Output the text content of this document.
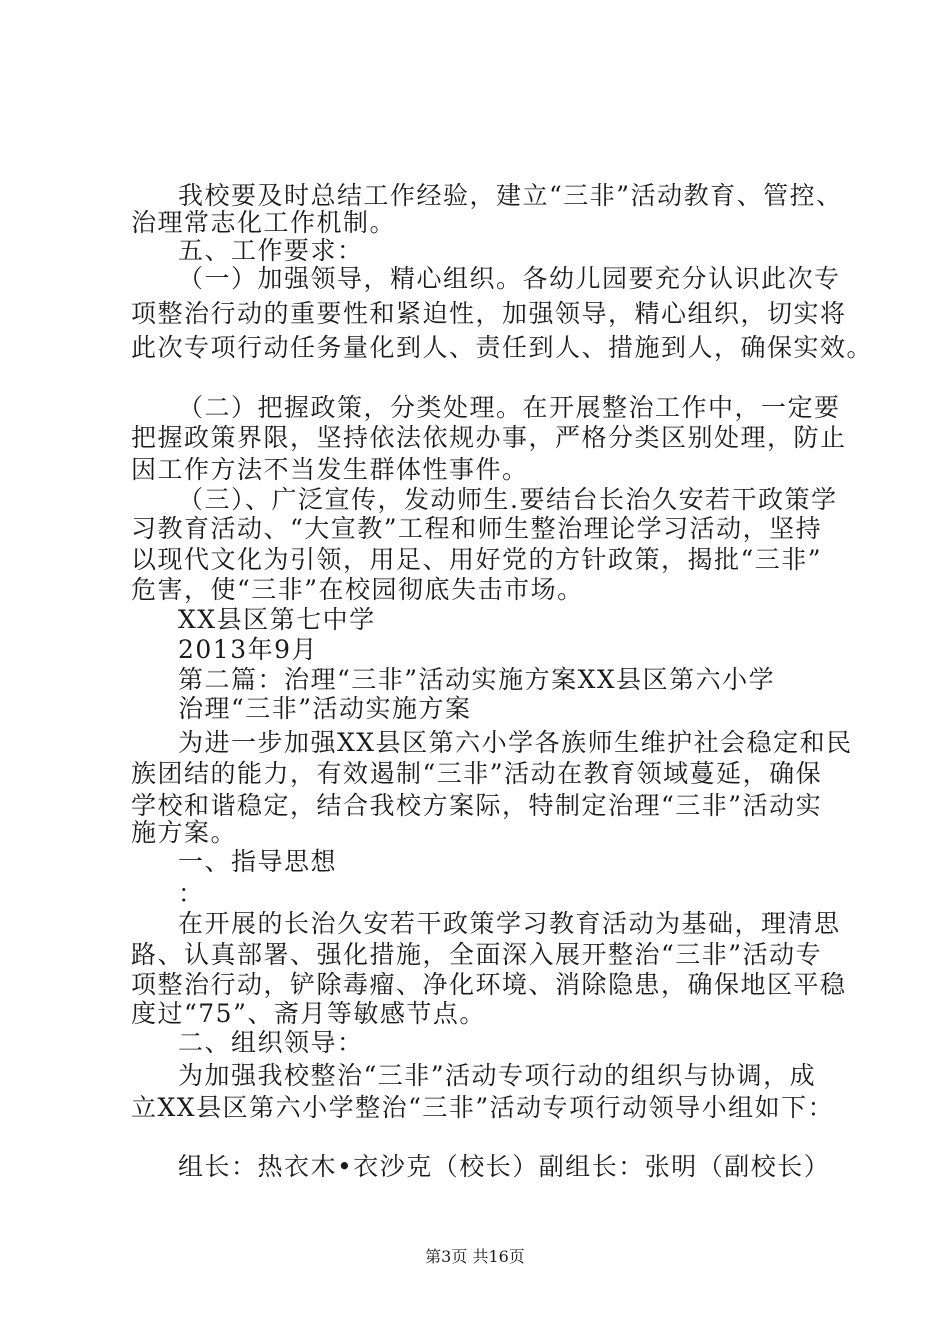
我校要及时总结工作经验，建立“三非”活动教育、管控、
治理常志化工作机制。
五、工作要求：
（一）加强领导，精心组织。各幼儿园要充分认识此次专
项整治行动的重要性和紧迫性，加强领导，精心组织，切实将
此次专项行动任务量化到人、责任到人、措施到人，确保实效。
（二）把握政策，分类处理。在开展整治工作中，一定要
把握政策界限，坚持依法依规办事，严格分类区别处理，防止
因工作方法不当发生群体性事件。
（三）、广泛宣传，发动师生.要结台长治久安若干政策学
习教育活动、“大宣教”工程和师生整治理论学习活动，坚持
以现代文化为引领，用足、用好党的方针政策，揭批“三非”
危害，使“三非”在校园彻底失击市场。
XX县区第七中学
2013年9月
第二篇：治理“三非”活动实施方案XX县区第六小学
治理“三非”活动实施方案
为进一步加强XX县区第六小学各族师生维护社会稳定和民
族团结的能力，有效遏制“三非”活动在教育领域蔓延，确保
学校和谐稳定，结合我校方案际，特制定治理“三非”活动实
施方案。
一、指导思想
：
在开展的长治久安若干政策学习教育活动为基础，理清思
路、认真部署、强化措施，全面深入展开整治“三非”活动专
项整治行动，铲除毒瘤、净化环境、消除隐患，确保地区平稳
度过“75”、斋月等敏感节点。
二、组织领导：
为加强我校整治“三非”活动专项行动的组织与协调，成
立XX县区第六小学整治“三非”活动专项行动领导小组如下：
组长：热衣木•衣沙克（校长）副组长：张明（副校长）
第3页 共16页
